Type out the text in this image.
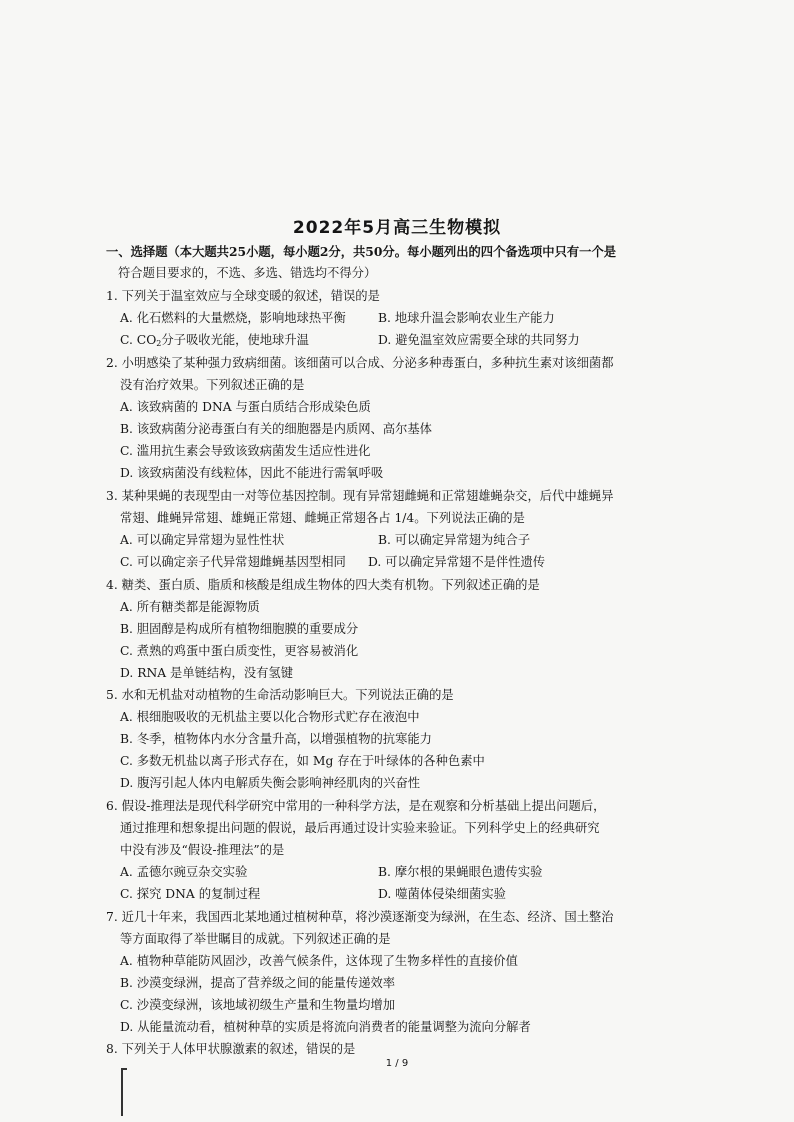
2022年5月高三生物模拟
一、选择题（本大题共25小题，每小题2分，共50分。每小题列出的四个备选项中只有一个是
符合题目要求的，不选、多选、错选均不得分）
1. 下列关于温室效应与全球变暖的叙述，错误的是
A. 化石燃料的大量燃烧，影响地球热平衡	B. 地球升温会影响农业生产能力
C. $CO_2$分子吸收光能，使地球升温	D. 避免温室效应需要全球的共同努力
2. 小明感染了某种强力致病细菌。该细菌可以合成、分泌多种毒蛋白，多种抗生素对该细菌都
没有治疗效果。下列叙述正确的是
A. 该致病菌的 DNA 与蛋白质结合形成染色质
B. 该致病菌分泌毒蛋白有关的细胞器是内质网、高尔基体
C. 滥用抗生素会导致该致病菌发生适应性进化
D. 该致病菌没有线粒体，因此不能进行需氧呼吸
3. 某种果蝇的表现型由一对等位基因控制。现有异常翅雌蝇和正常翅雄蝇杂交，后代中雄蝇异
常翅、雌蝇异常翅、雄蝇正常翅、雌蝇正常翅各占 1/4。下列说法正确的是
A. 可以确定异常翅为显性性状	B. 可以确定异常翅为纯合子
C. 可以确定亲子代异常翅雌蝇基因型相同 D. 可以确定异常翅不是伴性遗传
4. 糖类、蛋白质、脂质和核酸是组成生物体的四大类有机物。下列叙述正确的是
A. 所有糖类都是能源物质
B. 胆固醇是构成所有植物细胞膜的重要成分
C. 煮熟的鸡蛋中蛋白质变性，更容易被消化
D. RNA 是单链结构，没有氢键
5. 水和无机盐对动植物的生命活动影响巨大。下列说法正确的是
A. 根细胞吸收的无机盐主要以化合物形式贮存在液泡中
B. 冬季，植物体内水分含量升高，以增强植物的抗寒能力
C. 多数无机盐以离子形式存在，如 Mg 存在于叶绿体的各种色素中
D. 腹泻引起人体内电解质失衡会影响神经肌肉的兴奋性
6. 假设-推理法是现代科学研究中常用的一种科学方法，是在观察和分析基础上提出问题后，
通过推理和想象提出问题的假说，最后再通过设计实验来验证。下列科学史上的经典研究
中没有涉及“假设-推理法”的是
A. 孟德尔豌豆杂交实验	B. 摩尔根的果蝇眼色遗传实验
C. 探究 DNA 的复制过程	D. 噬菌体侵染细菌实验
7. 近几十年来，我国西北某地通过植树种草，将沙漠逐渐变为绿洲，在生态、经济、国土整治
等方面取得了举世瞩目的成就。下列叙述正确的是
A. 植物种草能防风固沙，改善气候条件，这体现了生物多样性的直接价值
B. 沙漠变绿洲，提高了营养级之间的能量传递效率
C. 沙漠变绿洲，该地域初级生产量和生物量均增加
D. 从能量流动看，植树种草的实质是将流向消费者的能量调整为流向分解者
8. 下列关于人体甲状腺激素的叙述，错误的是
1 / 9
